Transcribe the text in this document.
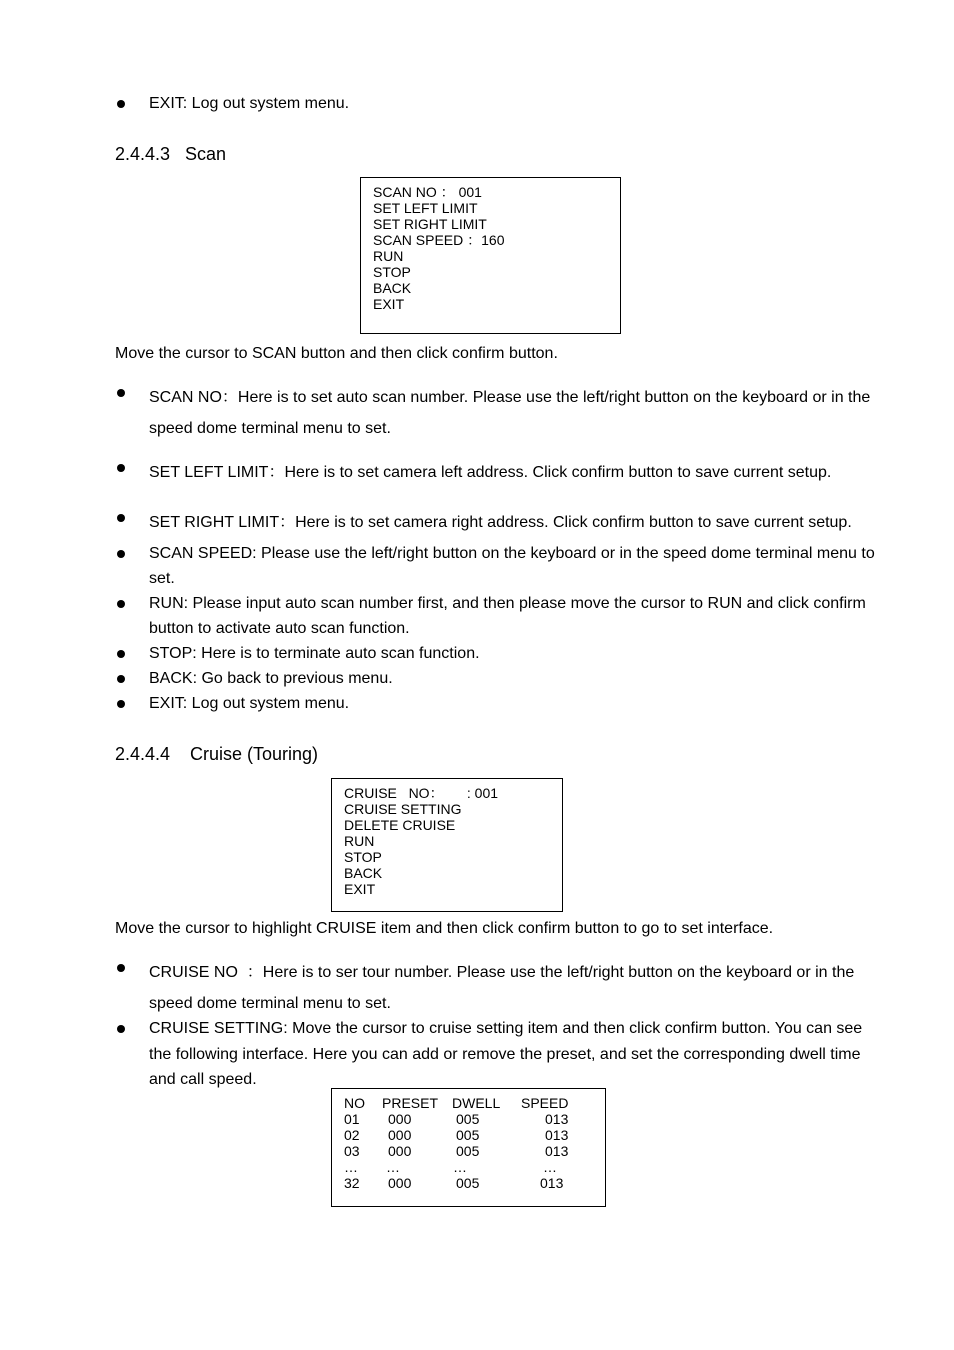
EXIT: Log out system menu.
2.4.4.3 Scan
SCAN NO ： 001
SET LEFT LIMIT
SET RIGHT LIMIT
SCAN SPEED ：160
RUN
STOP
BACK
EXIT
Move the cursor to SCAN button and then click confirm button.
SCAN NO：Here is to set auto scan number. Please use the left/right button on the keyboard or in the
speed dome terminal menu to set.
SET LEFT LIMIT：Here is to set camera left address. Click confirm button to save current setup.
SET RIGHT LIMIT：Here is to set camera right address. Click confirm button to save current setup.
SCAN SPEED: Please use the left/right button on the keyboard or in the speed dome terminal menu to
set.
RUN: Please input auto scan number first, and then please move the cursor to RUN and click confirm
button to activate auto scan function.
STOP: Here is to terminate auto scan function.
BACK: Go back to previous menu.
EXIT: Log out system menu.
2.4.4.4 Cruise (Touring)
CRUISE   NO：      : 001
CRUISE SETTING
DELETE CRUISE
RUN
STOP
BACK
EXIT
Move the cursor to highlight CRUISE item and then click confirm button to go to set interface.
CRUISE NO  ：Here is to ser tour number. Please use the left/right button on the keyboard or in the
speed dome terminal menu to set.
CRUISE SETTING: Move the cursor to cruise setting item and then click confirm button. You can see
the following interface. Here you can add or remove the preset, and set the corresponding dwell time
and call speed.
NO PRESET DWELL SPEED
01 000	005	013
02 000	005	013
03 000	005	013
… …	…	…
32 000	005	013
